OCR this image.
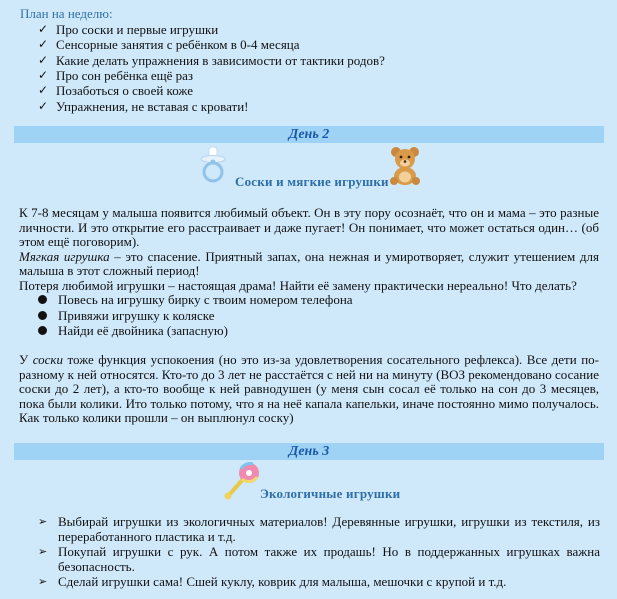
План на неделю:
✓ Про соски и первые игрушки
✓ Сенсорные занятия с ребёнком в 0-4 месяца
✓ Какие делать упражнения в зависимости от тактики родов?
✓ Про сон ребёнка ещё раз
✓ Позаботься о своей коже
✓ Упражнения, не вставая с кровати!
День 2
Соски и мягкие игрушки

К 7-8 месяцам у малыша появится любимый объект. Он в эту пору осознаёт, что он и мама – это разные личности. И это открытие его расстраивает и даже пугает! Он понимает, что может остаться один… (об этом ещё поговорим).

Мягкая игрушка – это спасение. Приятный запах, она нежная и умиротворяет, служит утешением для малыша в этот сложный период!

Потеря любимой игрушки – настоящая драма! Найти её замену практически нереально! Что делать?

Повесь на игрушку бирку с твоим номером телефона
Привяжи игрушку к коляске
Найди её двойника (запасную)

У соски тоже функция успокоения (но это из-за удовлетворения сосательного рефлекса). Все дети по-разному к ней относятся. Кто-то до 3 лет не расстаётся с ней ни на минуту (ВОЗ рекомендовано сосание соски до 2 лет), а кто-то вообще к ней равнодушен (у меня сын сосал её только на сон до 3 месяцев, пока были колики. Ито только потому, что я на неё капала капельки, иначе постоянно мимо получалось. Как только колики прошли – он выплюнул соску)

День 3
Экологичные игрушки
➢ Выбирай игрушки из экологичных материалов! Деревянные игрушки, игрушки из текстиля, из переработанного пластика и т.д.
➢ Покупай игрушки с рук. А потом также их продашь! Но в поддержанных игрушках важна безопасность.
➢ Сделай игрушки сама! Сшей куклу, коврик для малыша, мешочки с крупой и т.д.
